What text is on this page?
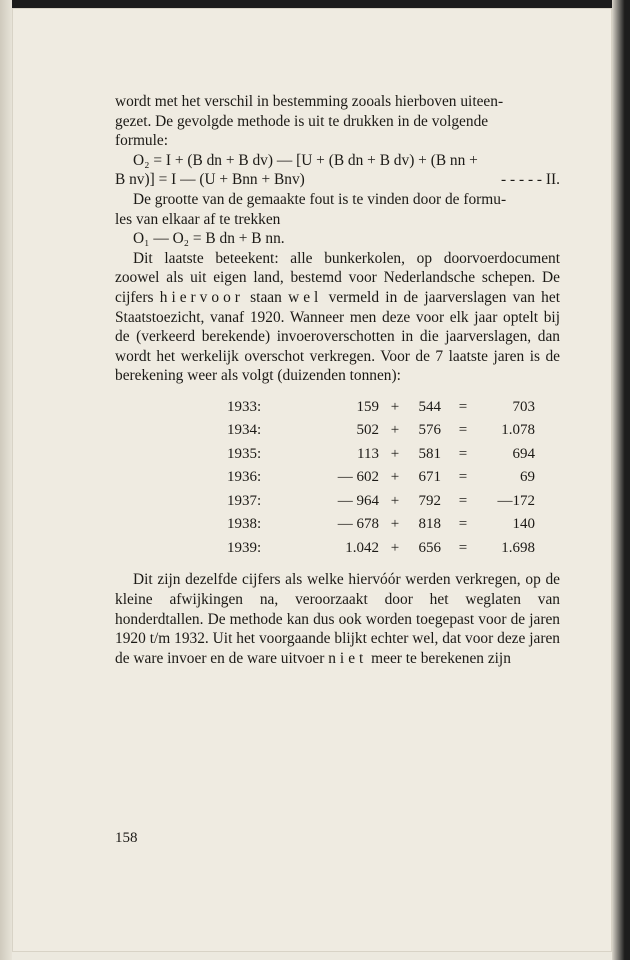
wordt met het verschil in bestemming zooals hierboven uiteen-

gezet. De gevolgde methode is uit te drukken in de volgende

formule:

O₂ = I + (B dn + B dv) — [U + (B dn + B dv) + (B nn +

B nv)] = I — (U + Bnn + Bnv)	- - - - - II.

De grootte van de gemaakte fout is te vinden door de formu-

les van elkaar af te trekken

O₁ — O₂ = B dn + B nn.

Dit laatste beteekent: alle bunkerkolen, op doorvoerdocument zoowel als uit eigen land, bestemd voor Nederlandsche schepen. De cijfers hiervoor staan wel vermeld in de jaarverslagen van het Staatstoezicht, vanaf 1920. Wanneer men deze voor elk jaar optelt bij de (verkeerd berekende) invoeroverschotten in die jaarverslagen, dan wordt het werkelijk overschot verkregen. Voor de 7 laatste jaren is de berekening weer als volgt (duizenden tonnen):

1933:	159	+	544	=	703
1934:	502	+	576	=	1.078
1935:	113	+	581	=	694
1936:	— 602	+	671	=	69
1937:	— 964	+	792	=	—172
1938:	— 678	+	818	=	140
1939:	1.042	+	656	=	1.698

Dit zijn dezelfde cijfers als welke hiervóór werden verkregen, op de kleine afwijkingen na, veroorzaakt door het weglaten van honderdtallen. De methode kan dus ook worden toegepast voor de jaren 1920 t/m 1932. Uit het voorgaande blijkt echter wel, dat voor deze jaren de ware invoer en de ware uitvoer niet meer te berekenen zijn

158
